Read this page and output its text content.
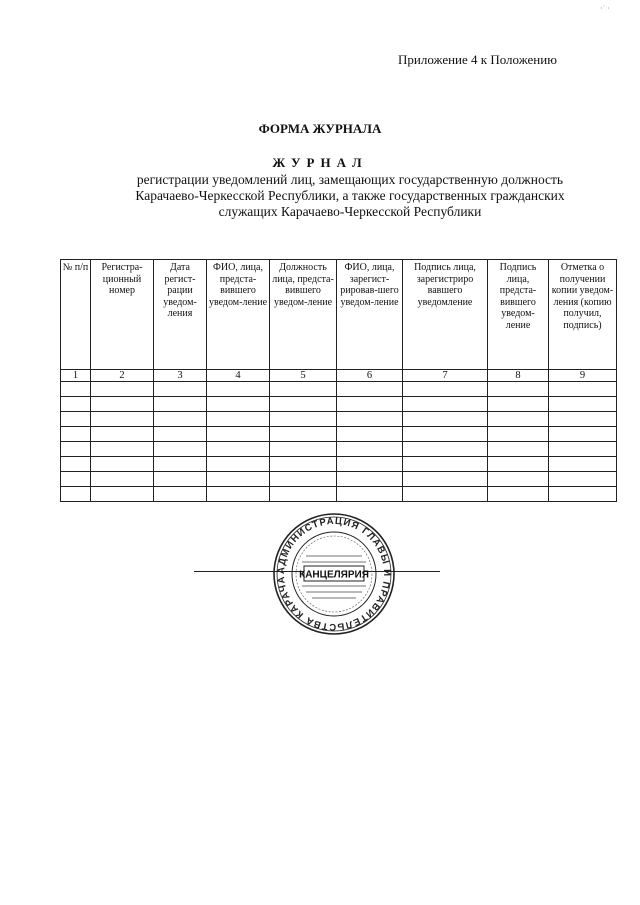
·˙ ·
Приложение 4 к Положению
ФОРМА ЖУРНАЛА
ЖУРНАЛ
регистрации уведомлений лиц, замещающих государственную должность
Карачаево-Черкесской Республики, а также государственных гражданских
служащих Карачаево-Черкесской Республики
№ п/п	Регистра-ционный номер	Дата регист-рации уведом-ления	ФИО, лица, предста-вившего уведом-ление	Должность лица, предста-вившего уведом-ление	ФИО, лица, зарегист-рировав-шего уведом-ление	Подпись лица, зарегистриро вавшего уведомление	Подпись лица, предста-вившего уведом-ление	Отметка о получении копии уведом-ления (копию получил, подпись)
1	2	3	4	5	6	7	8	9

АДМИНИСТРАЦИЯ ГЛАВЫ И ПРАВИТЕЛЬСТВА КАРАЧА	КАНЦЕЛЯРИЯ
